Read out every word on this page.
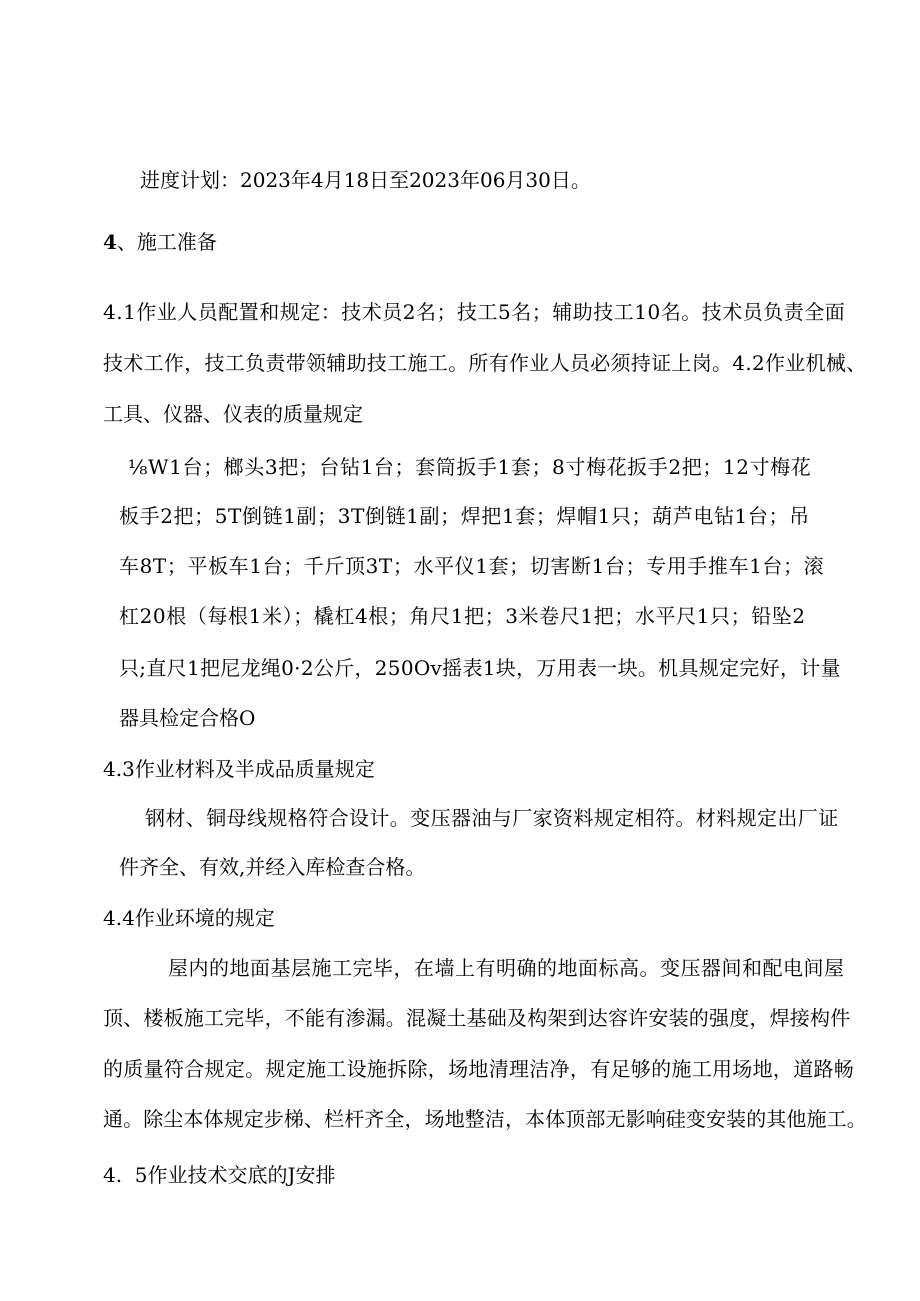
进度计划：2023年4月18日至2023年06月30日。

4、施工准备

4.1作业人员配置和规定：技术员2名；技工5名；辅助技工10名。技术员负责全面

技术工作，技工负责带领辅助技工施工。所有作业人员必须持证上岗。4.2作业机械、

工具、仪器、仪表的质量规定

⅛W1台；榔头3把；台钻1台；套筒扳手1套；8寸梅花扳手2把；12寸梅花

板手2把；5T倒链1副；3T倒链1副；焊把1套；焊帽1只；葫芦电钻1台；吊

车8T；平板车1台；千斤顶3T；水平仪1套；切害断1台；专用手推车1台；滚

杠20根（每根1米）；橇杠4根；角尺1把；3米卷尺1把；水平尺1只；铅坠2

只;直尺1把尼龙绳0·2公斤，250Ov摇表1块，万用表一块。机具规定完好，计量

器具检定合格O

4.3作业材料及半成品质量规定

钢材、铜母线规格符合设计。变压器油与厂家资料规定相符。材料规定出厂证

件齐全、有效,并经入库检查合格。

4.4作业环境的规定

屋内的地面基层施工完毕，在墙上有明确的地面标高。变压器间和配电间屋

顶、楼板施工完毕，不能有渗漏。混凝土基础及构架到达容许安装的强度，焊接构件

的质量符合规定。规定施工设施拆除，场地清理洁净，有足够的施工用场地，道路畅

通。除尘本体规定步梯、栏杆齐全，场地整洁，本体顶部无影响硅变安装的其他施工。

4.  5作业技术交底的J安排
